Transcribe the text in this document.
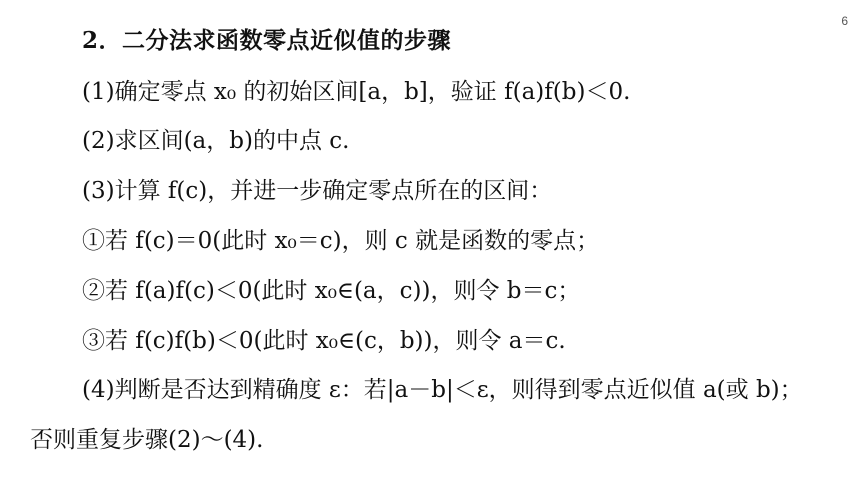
6
2．二分法求函数零点近似值的步骤
(1)确定零点 x₀ 的初始区间[a，b]，验证 f(a)f(b)＜0.
(2)求区间(a，b)的中点 c.
(3)计算 f(c)，并进一步确定零点所在的区间：
①若 f(c)＝0(此时 x₀＝c)，则 c 就是函数的零点；
②若 f(a)f(c)＜0(此时 x₀∈(a，c))，则令 b＝c；
③若 f(c)f(b)＜0(此时 x₀∈(c，b))，则令 a＝c.
(4)判断是否达到精确度 ε：若|a－b|＜ε，则得到零点近似值 a(或 b)；
否则重复步骤(2)～(4).
